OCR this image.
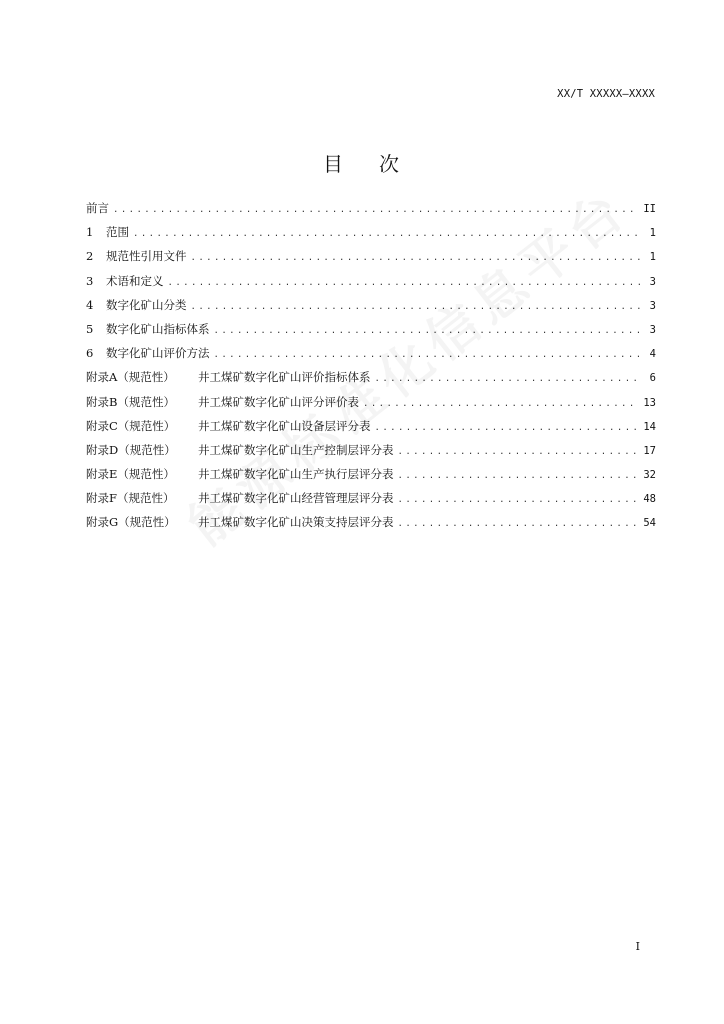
XX/T XXXXX—XXXX
目 次
前言 .....	II
1	范围 .....	1
2	规范性引用文件 .....	1
3	术语和定义 .....	3
4	数字化矿山分类 .....	3
5	数字化矿山指标体系 .....	3
6	数字化矿山评价方法 .....	4
附录A（规范性）	井工煤矿数字化矿山评价指标体系 .....	6
附录B（规范性）	井工煤矿数字化矿山评分评价表 .....	13
附录C（规范性）	井工煤矿数字化矿山设备层评分表 .....	14
附录D（规范性）	井工煤矿数字化矿山生产控制层评分表 .....	17
附录E（规范性）	井工煤矿数字化矿山生产执行层评分表 .....	32
附录F（规范性）	井工煤矿数字化矿山经营管理层评分表 .....	48
附录G（规范性）	井工煤矿数字化矿山决策支持层评分表 .....	54
I
